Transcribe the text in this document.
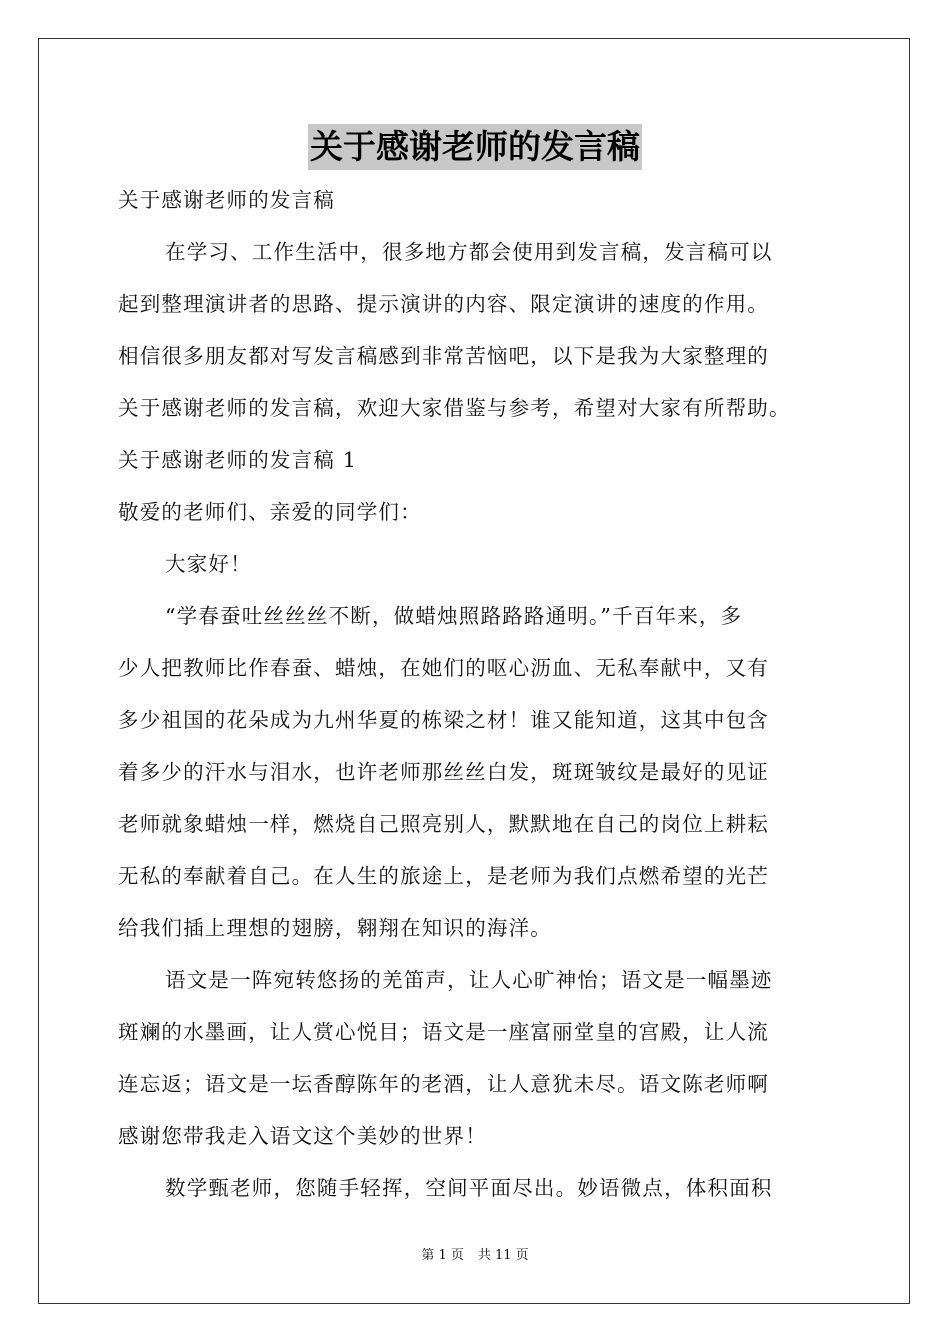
关于感谢老师的发言稿
关于感谢老师的发言稿
在学习、工作生活中，很多地方都会使用到发言稿，发言稿可以
起到整理演讲者的思路、提示演讲的内容、限定演讲的速度的作用。
相信很多朋友都对写发言稿感到非常苦恼吧，以下是我为大家整理的
关于感谢老师的发言稿，欢迎大家借鉴与参考，希望对大家有所帮助。
关于感谢老师的发言稿 1
敬爱的老师们、亲爱的同学们：
大家好！
“学春蚕吐丝丝丝不断，做蜡烛照路路路通明。”千百年来，多
少人把教师比作春蚕、蜡烛，在她们的呕心沥血、无私奉献中，又有
多少祖国的花朵成为九州华夏的栋梁之材！谁又能知道，这其中包含
着多少的汗水与泪水，也许老师那丝丝白发，斑斑皱纹是最好的见证
老师就象蜡烛一样，燃烧自己照亮别人，默默地在自己的岗位上耕耘
无私的奉献着自己。在人生的旅途上，是老师为我们点燃希望的光芒
给我们插上理想的翅膀，翱翔在知识的海洋。
语文是一阵宛转悠扬的羌笛声，让人心旷神怡；语文是一幅墨迹
斑斓的水墨画，让人赏心悦目；语文是一座富丽堂皇的宫殿，让人流
连忘返；语文是一坛香醇陈年的老酒，让人意犹未尽。语文陈老师啊
感谢您带我走入语文这个美妙的世界！
数学甄老师，您随手轻挥，空间平面尽出。妙语微点，体积面积
第 1 页 共 11 页
